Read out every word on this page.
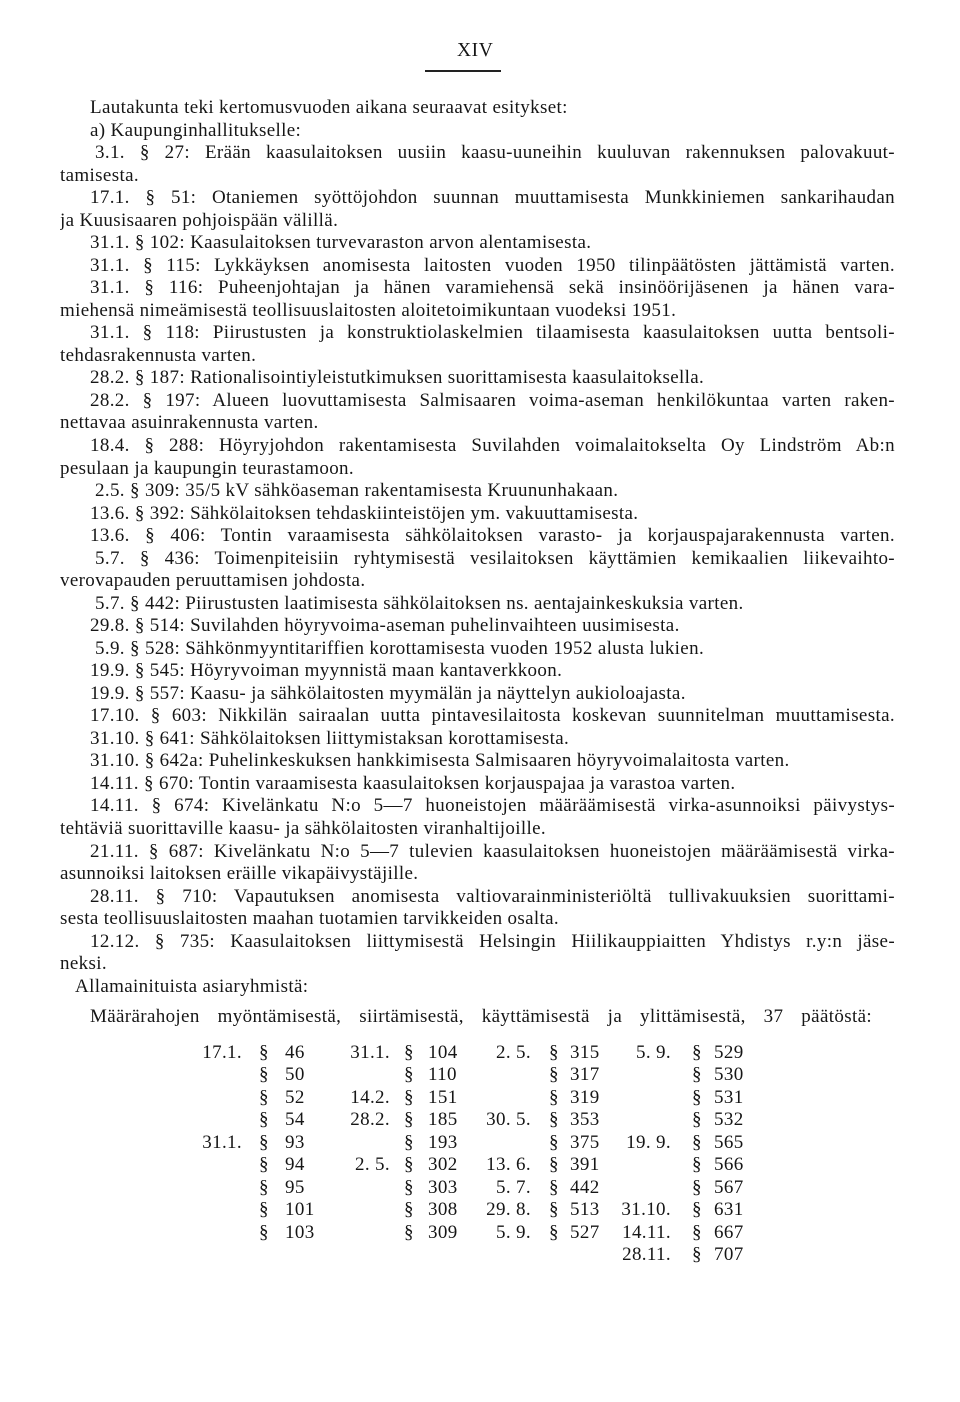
XIV
Lautakunta teki kertomusvuoden aikana seuraavat esitykset:
a) Kaupunginhallitukselle:
3.1. § 27: Erään kaasulaitoksen uusiin kaasu-uuneihin kuuluvan rakennuksen palovakuut-
tamisesta.
17.1. § 51: Otaniemen syöttöjohdon suunnan muuttamisesta Munkkiniemen sankarihaudan
ja Kuusisaaren pohjoispään välillä.
31.1. § 102: Kaasulaitoksen turvevaraston arvon alentamisesta.
31.1. § 115: Lykkäyksen anomisesta laitosten vuoden 1950 tilinpäätösten jättämistä varten.
31.1. § 116: Puheenjohtajan ja hänen varamiehensä sekä insinöörijäsenen ja hänen vara-
miehensä nimeämisestä teollisuuslaitosten aloitetoimikuntaan vuodeksi 1951.
31.1. § 118: Piirustusten ja konstruktiolaskelmien tilaamisesta kaasulaitoksen uutta bentsoli-
tehdasrakennusta varten.
28.2. § 187: Rationalisointiyleistutkimuksen suorittamisesta kaasulaitoksella.
28.2. § 197: Alueen luovuttamisesta Salmisaaren voima-aseman henkilökuntaa varten raken-
nettavaa asuinrakennusta varten.
18.4. § 288: Höyryjohdon rakentamisesta Suvilahden voimalaitokselta Oy Lindström Ab:n
pesulaan ja kaupungin teurastamoon.
2.5. § 309: 35/5 kV sähköaseman rakentamisesta Kruununhakaan.
13.6. § 392: Sähkölaitoksen tehdaskiinteistöjen ym. vakuuttamisesta.
13.6. § 406: Tontin varaamisesta sähkölaitoksen varasto- ja korjauspajarakennusta varten.
5.7. § 436: Toimenpiteisiin ryhtymisestä vesilaitoksen käyttämien kemikaalien liikevaihto-
verovapauden peruuttamisen johdosta.
5.7. § 442: Piirustusten laatimisesta sähkölaitoksen ns. aentajainkeskuksia varten.
29.8. § 514: Suvilahden höyryvoima-aseman puhelinvaihteen uusimisesta.
5.9. § 528: Sähkönmyyntitariffien korottamisesta vuoden 1952 alusta lukien.
19.9. § 545: Höyryvoiman myynnistä maan kantaverkkoon.
19.9. § 557: Kaasu- ja sähkölaitosten myymälän ja näyttelyn aukioloajasta.
17.10. § 603: Nikkilän sairaalan uutta pintavesilaitosta koskevan suunnitelman muuttamisesta.
31.10. § 641: Sähkölaitoksen liittymistaksan korottamisesta.
31.10. § 642a: Puhelinkeskuksen hankkimisesta Salmisaaren höyryvoimalaitosta varten.
14.11. § 670: Tontin varaamisesta kaasulaitoksen korjauspajaa ja varastoa varten.
14.11. § 674: Kivelänkatu N:o 5—7 huoneistojen määräämisestä virka-asunnoiksi päivystys-
tehtäviä suorittaville kaasu- ja sähkölaitosten viranhaltijoille.
21.11. § 687: Kivelänkatu N:o 5—7 tulevien kaasulaitoksen huoneistojen määräämisestä virka-
asunnoiksi laitoksen eräille vikapäivystäjille.
28.11. § 710: Vapautuksen anomisesta valtiovarainministeriöltä tullivakuuksien suorittami-
sesta teollisuuslaitosten maahan tuotamien tarvikkeiden osalta.
12.12. § 735: Kaasulaitoksen liittymisestä Helsingin Hiilikauppiaitten Yhdistys r.y:n jäse-
neksi.
Allamainituista asiaryhmistä:
Määrärahojen myöntämisestä, siirtämisestä, käyttämisestä ja ylittämisestä, 37 päätöstä:
17.1. § 46
§ 50
§ 52
§ 54
31.1. § 93
§ 94
§ 95
§ 101
§ 103
31.1. § 104
§ 110
14.2. § 151
28.2. § 185
§ 193
2. 5. § 302
§ 303
§ 308
§ 309
2. 5. § 315
§ 317
§ 319
30. 5. § 353
§ 375
13. 6. § 391
5. 7. § 442
29. 8. § 513
5. 9. § 527
5. 9. § 529
§ 530
§ 531
§ 532
19. 9. § 565
§ 566
§ 567
31.10. § 631
14.11. § 667
28.11. § 707
